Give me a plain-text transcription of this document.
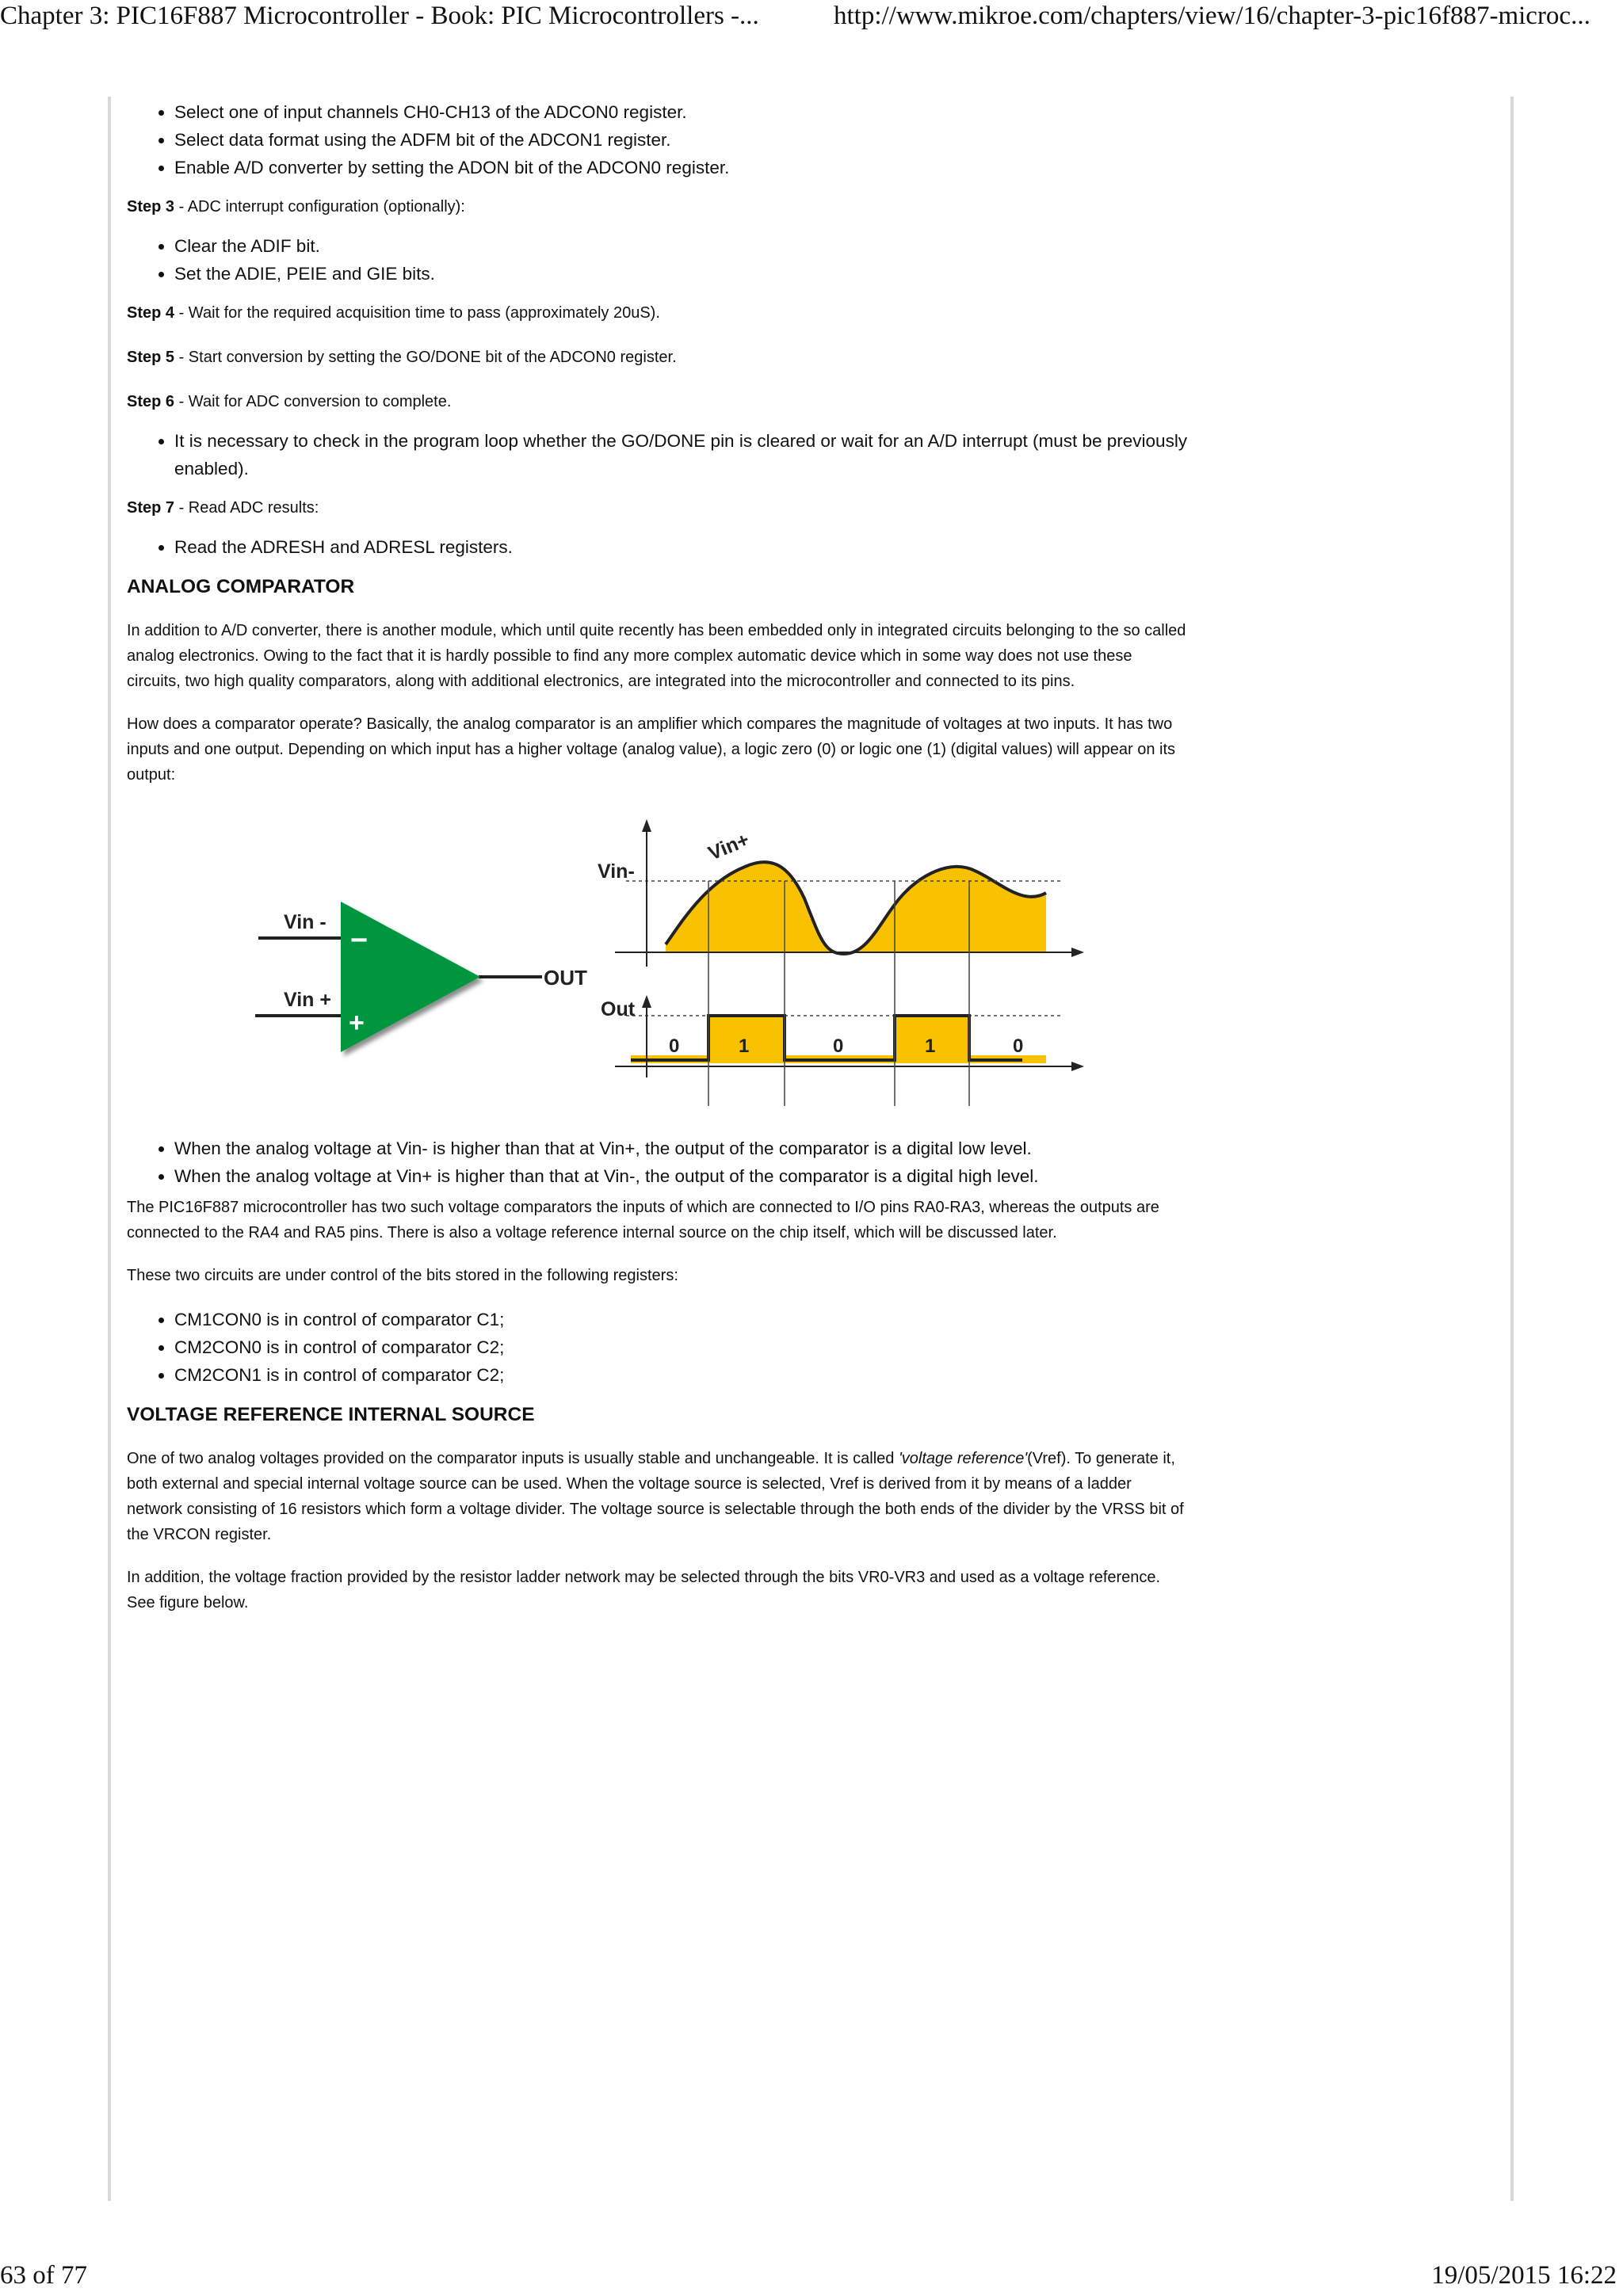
Chapter 3: PIC16F887 Microcontroller - Book: PIC Microcontrollers -...	http://www.mikroe.com/chapters/view/16/chapter-3-pic16f887-microc...
• Select one of input channels CH0-CH13 of the ADCON0 register.
• Select data format using the ADFM bit of the ADCON1 register.
• Enable A/D converter by setting the ADON bit of the ADCON0 register.

Step 3 - ADC interrupt configuration (optionally):

• Clear the ADIF bit.
• Set the ADIE, PEIE and GIE bits.

Step 4 - Wait for the required acquisition time to pass (approximately 20uS).

Step 5 - Start conversion by setting the GO/DONE bit of the ADCON0 register.

Step 6 - Wait for ADC conversion to complete.

• It is necessary to check in the program loop whether the GO/DONE pin is cleared or wait for an A/D interrupt (must be previously enabled).

Step 7 - Read ADC results:

• Read the ADRESH and ADRESL registers.
ANALOG COMPARATOR

In addition to A/D converter, there is another module, which until quite recently has been embedded only in integrated circuits belonging to the so called analog electronics. Owing to the fact that it is hardly possible to find any more complex automatic device which in some way does not use these circuits, two high quality comparators, along with additional electronics, are integrated into the microcontroller and connected to its pins.

How does a comparator operate? Basically, the analog comparator is an amplifier which compares the magnitude of voltages at two inputs. It has two inputs and one output. Depending on which input has a higher voltage (analog value), a logic zero (0) or logic one (1) (digital values) will appear on its output:

Vin -
Vin +
−
+
OUT
Vin-
Vin+
Out
0	1	0	1	0
• When the analog voltage at Vin- is higher than that at Vin+, the output of the comparator is a digital low level.
• When the analog voltage at Vin+ is higher than that at Vin-, the output of the comparator is a digital high level.

The PIC16F887 microcontroller has two such voltage comparators the inputs of which are connected to I/O pins RA0-RA3, whereas the outputs are connected to the RA4 and RA5 pins. There is also a voltage reference internal source on the chip itself, which will be discussed later.

These two circuits are under control of the bits stored in the following registers:

• CM1CON0 is in control of comparator C1;
• CM2CON0 is in control of comparator C2;
• CM2CON1 is in control of comparator C2;
VOLTAGE REFERENCE INTERNAL SOURCE

One of two analog voltages provided on the comparator inputs is usually stable and unchangeable. It is called 'voltage reference'(Vref). To generate it, both external and special internal voltage source can be used. When the voltage source is selected, Vref is derived from it by means of a ladder network consisting of 16 resistors which form a voltage divider. The voltage source is selectable through the both ends of the divider by the VRSS bit of the VRCON register.

In addition, the voltage fraction provided by the resistor ladder network may be selected through the bits VR0-VR3 and used as a voltage reference. See figure below.

63 of 77	19/05/2015 16:22
